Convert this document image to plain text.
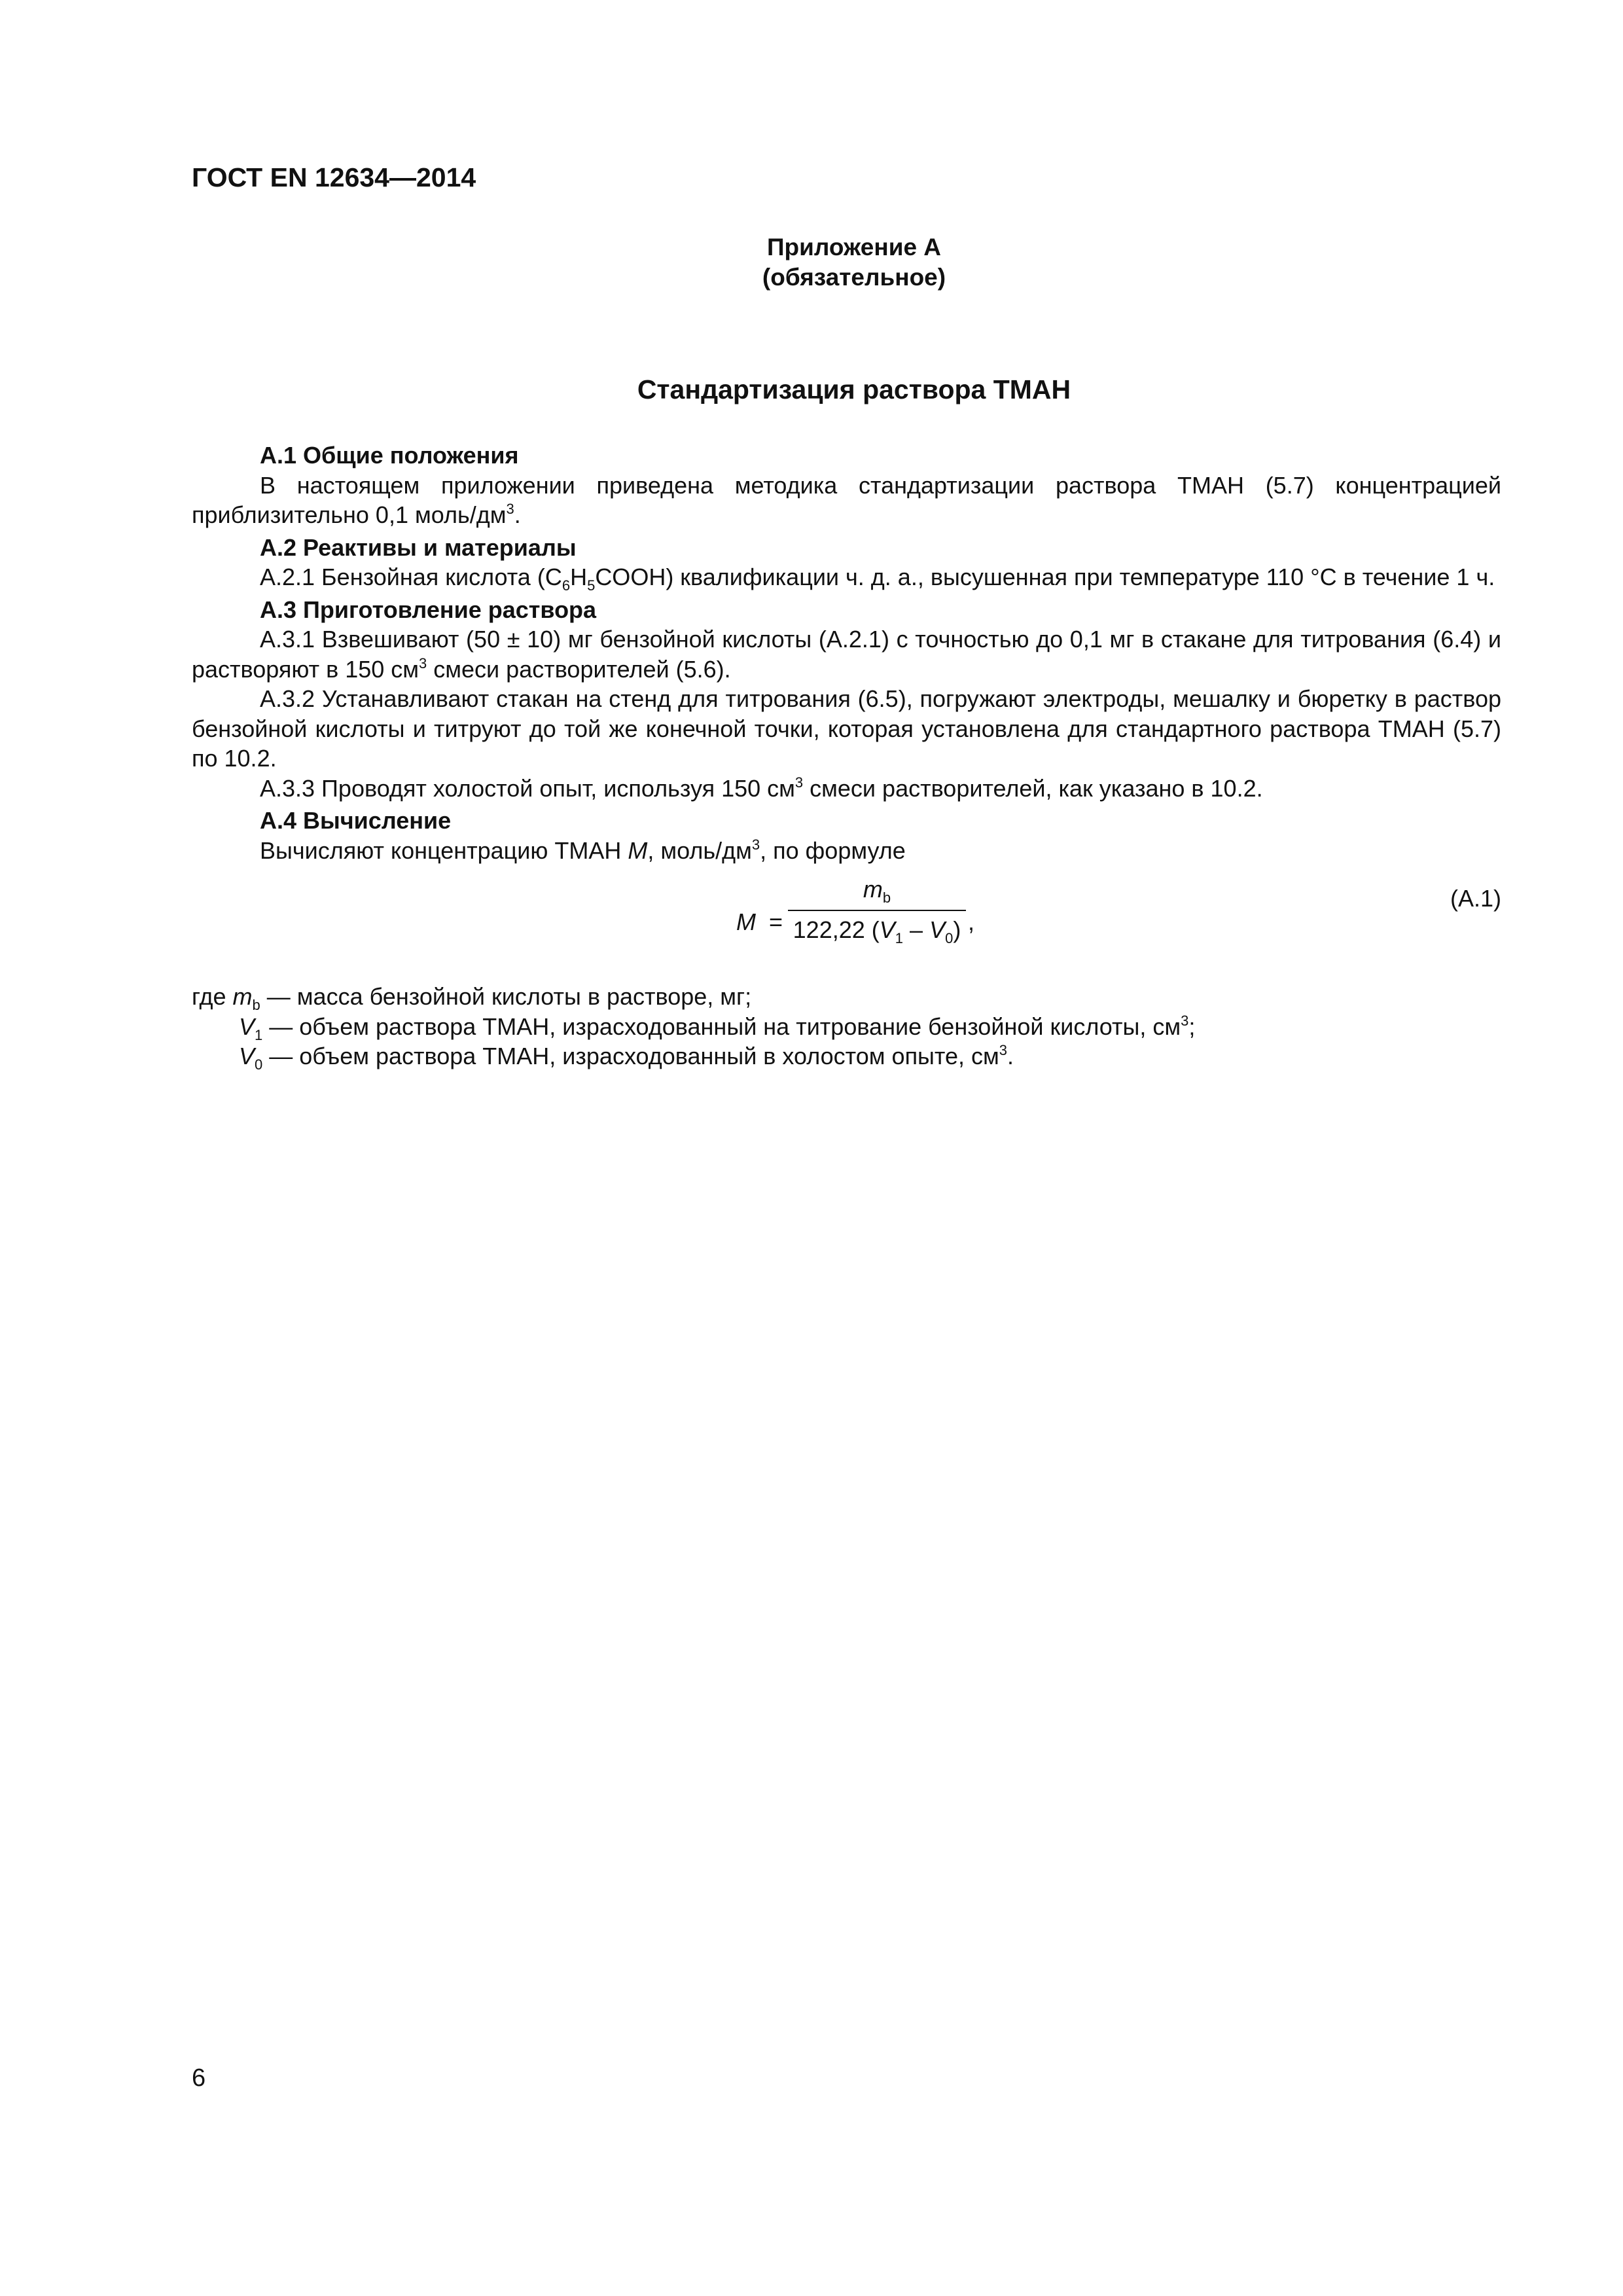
ГОСТ EN 12634—2014
Приложение А
(обязательное)
Стандартизация раствора ТМАН

А.1 Общие положения

В настоящем приложении приведена методика стандартизации раствора ТМАН (5.7) концентрацией приблизительно 0,1 моль/$дм^3$.

А.2 Реактивы и материалы

А.2.1 Бензойная кислота $(C_6H_5COOH)$ квалификации ч. д. а., высушенная при температуре 110 °С в течение 1 ч.

А.3 Приготовление раствора

А.3.1 Взвешивают (50 ± 10) мг бензойной кислоты (А.2.1) с точностью до 0,1 мг в стакане для титрования (6.4) и растворяют в 150 $см^3$ смеси растворителей (5.6).

А.3.2 Устанавливают стакан на стенд для титрования (6.5), погружают электроды, мешалку и бюретку в раствор бензойной кислоты и титруют до той же конечной точки, которая установлена для стандартного раствора ТМАН (5.7) по 10.2.

А.3.3 Проводят холостой опыт, используя 150 $см^3$ смеси растворителей, как указано в 10.2.

А.4 Вычисление

Вычисляют концентрацию ТМАН M, моль/$дм^3$, по формуле

M =
$m_b$
122,22 $(V_1 - V_0)$ ,
(А.1)

где $m_b$ — масса бензойной кислоты в растворе, мг;

$V_1$ — объем раствора ТМАН, израсходованный на титрование бензойной кислоты, $см^3$;

$V_0$ — объем раствора ТМАН, израсходованный в холостом опыте, $см^3$.

6
